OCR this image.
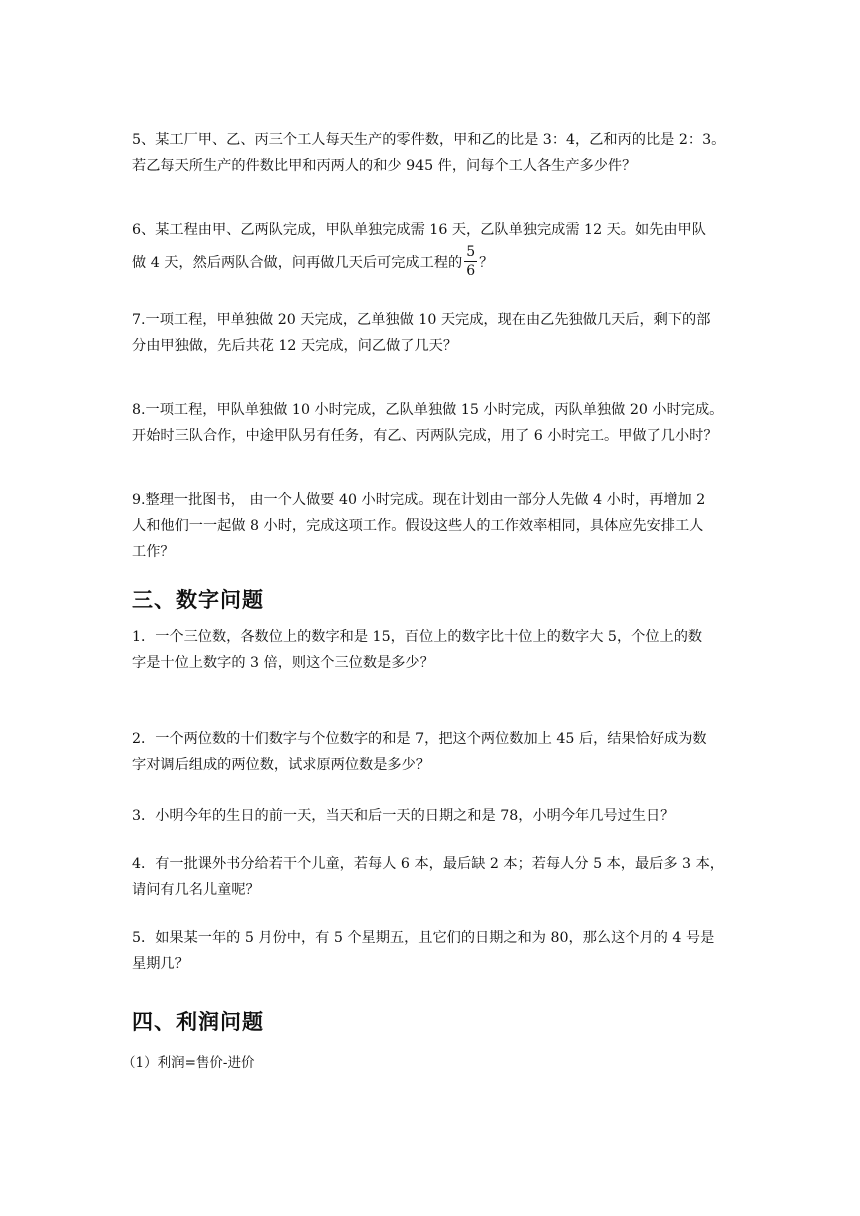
5、某工厂甲、乙、丙三个工人每天生产的零件数，甲和乙的比是 3：4，乙和丙的比是 2：3。
若乙每天所生产的件数比甲和丙两人的和少 945 件，问每个工人各生产多少件？
6、某工程由甲、乙两队完成，甲队单独完成需 16 天，乙队单独完成需 12 天。如先由甲队
做 4 天，然后两队合做，问再做几天后可完成工程的 $\frac{5}{6}$ ？
7.一项工程，甲单独做 20 天完成，乙单独做 10 天完成，现在由乙先独做几天后，剩下的部
分由甲独做，先后共花 12 天完成，问乙做了几天？
8.一项工程，甲队单独做 10 小时完成，乙队单独做 15 小时完成，丙队单独做 20 小时完成。
开始时三队合作，中途甲队另有任务，有乙、丙两队完成，用了 6 小时完工。甲做了几小时？
9.整理一批图书， 由一个人做要 40 小时完成。现在计划由一部分人先做 4 小时，再增加 2
人和他们一一起做 8 小时，完成这项工作。假设这些人的工作效率相同，具体应先安排工人
工作？
三、数字问题
1．一个三位数，各数位上的数字和是 15，百位上的数字比十位上的数字大 5，个位上的数
字是十位上数字的 3 倍，则这个三位数是多少？
2．一个两位数的十们数字与个位数字的和是 7，把这个两位数加上 45 后，结果恰好成为数
字对调后组成的两位数，试求原两位数是多少？
3．小明今年的生日的前一天，当天和后一天的日期之和是 78，小明今年几号过生日？
4．有一批课外书分给若干个儿童，若每人 6 本，最后缺 2 本；若每人分 5 本，最后多 3 本，
请问有几名儿童呢？
5．如果某一年的 5 月份中，有 5 个星期五，且它们的日期之和为 80，那么这个月的 4 号是
星期几？
四、利润问题
（1）利润=售价-进价
